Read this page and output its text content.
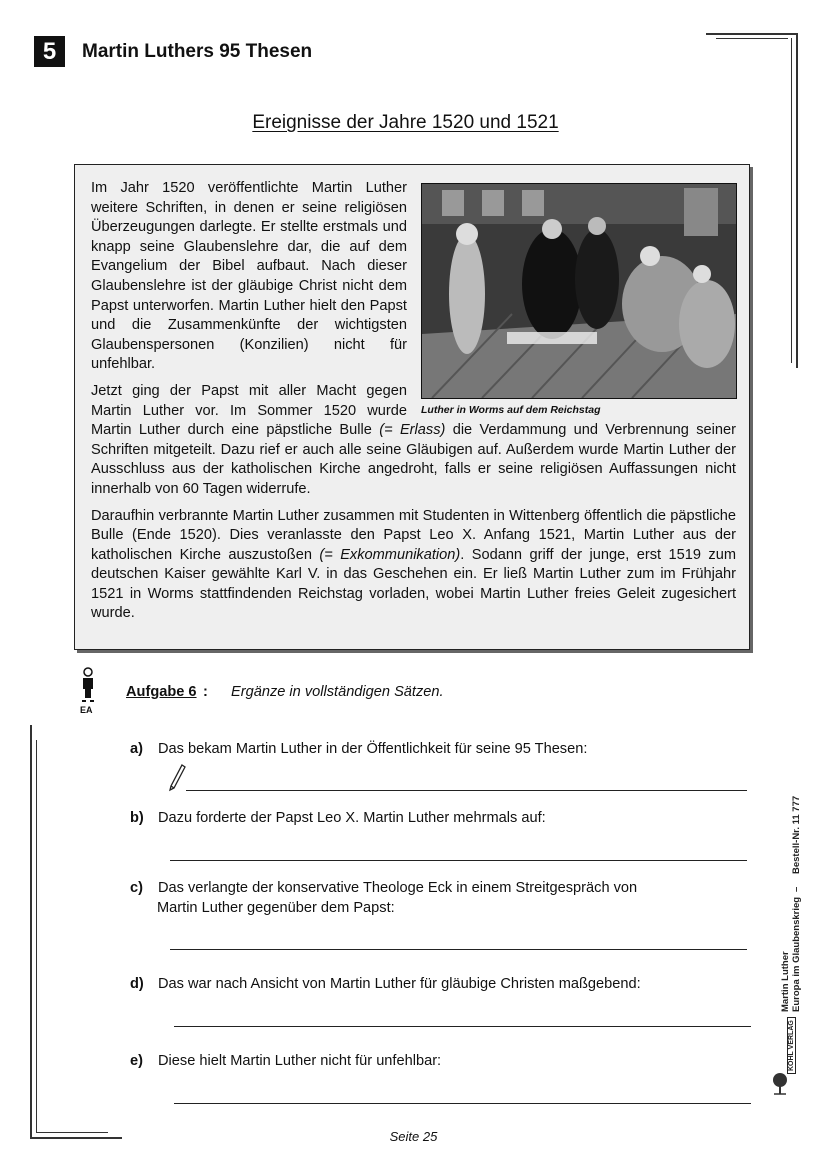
5	Martin Luthers 95 Thesen
Ereignisse der Jahre 1520 und 1521
Luther in Worms auf dem Reichstag

Im Jahr 1520 veröffentlichte Martin Luther weitere Schriften, in denen er seine religiösen Überzeugungen darlegte. Er stellte erstmals und knapp seine Glaubenslehre dar, die auf dem Evangelium der Bibel aufbaut. Nach dieser Glaubenslehre ist der gläubige Christ nicht dem Papst unterworfen. Martin Luther hielt den Papst und die Zusammenkünfte der wichtigsten Glaubenspersonen (Konzilien) nicht für unfehlbar.

Jetzt ging der Papst mit aller Macht gegen Martin Luther vor. Im Sommer 1520 wurde Martin Luther durch eine päpstliche Bulle (= Erlass) die Verdammung und Verbrennung seiner Schriften mitgeteilt. Dazu rief er auch alle seine Gläubigen auf. Außerdem wurde Martin Luther der Ausschluss aus der katholischen Kirche angedroht, falls er seine religiösen Auffassungen nicht innerhalb von 60 Tagen widerrufe.

Daraufhin verbrannte Martin Luther zusammen mit Studenten in Wittenberg öffentlich die päpstliche Bulle (Ende 1520). Dies veranlasste den Papst Leo X. Anfang 1521, Martin Luther aus der katholischen Kirche auszustoßen (= Exkommunikation). Sodann griff der junge, erst 1519 zum deutschen Kaiser gewählte Karl V. in das Geschehen ein. Er ließ Martin Luther zum im Frühjahr 1521 in Worms stattfindenden Reichstag vorladen, wobei Martin Luther freies Geleit zugesichert wurde.

EA
Aufgabe 6 : Ergänze in vollständigen Sätzen.
a) Das bekam Martin Luther in der Öffentlichkeit für seine 95 Thesen:
b) Dazu forderte der Papst Leo X. Martin Luther mehrmals auf:
c) Das verlangte der konservative Theologe Eck in einem Streitgespräch von
Martin Luther gegenüber dem Papst:
d) Das war nach Ansicht von Martin Luther für gläubige Christen maßgebend:
e) Diese hielt Martin Luther nicht für unfehlbar:
Martin Luther Europa im Glaubenskrieg
–
Bestell-Nr. 11 777
KOHL VERLAG
Seite 25
